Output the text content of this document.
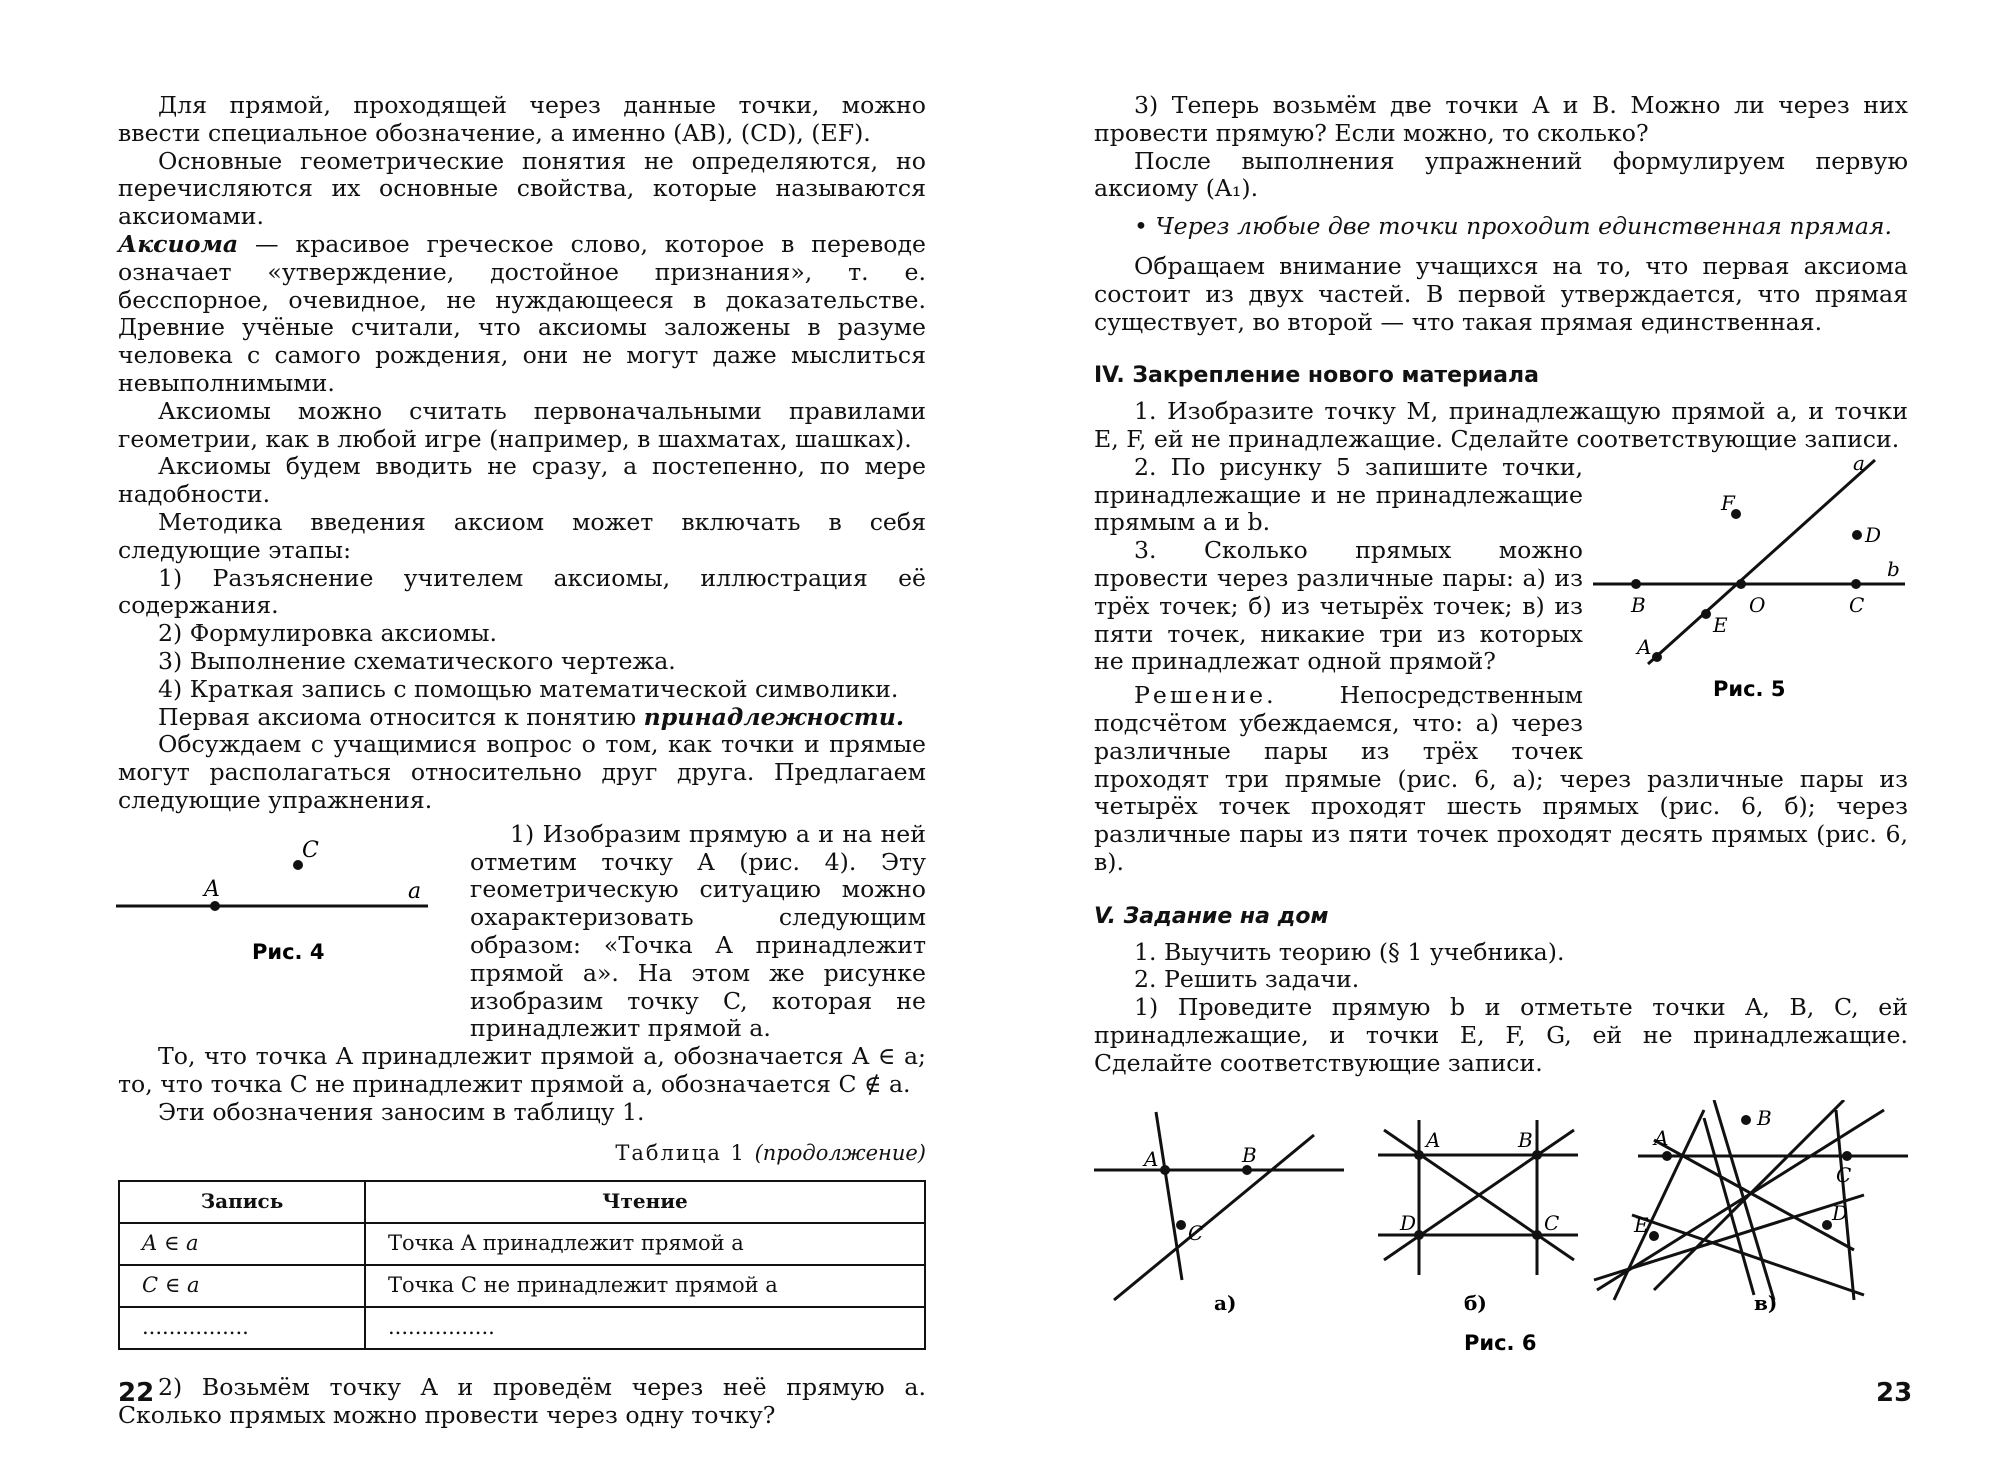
Для прямой, проходящей через данные точки, можно ввести специальное обозначение, а именно (AB), (CD), (EF).

Основные геометрические понятия не определяются, но перечисляются их основные свойства, которые называются аксиомами.

Аксиома — красивое греческое слово, которое в переводе означает «утверждение, достойное признания», т. е. бесспорное, очевидное, не нуждающееся в доказательстве. Древние учёные считали, что аксиомы заложены в разуме человека с самого рождения, они не могут даже мыслиться невыполнимыми.

Аксиомы можно считать первоначальными правилами геометрии, как в любой игре (например, в шахматах, шашках).

Аксиомы будем вводить не сразу, а постепенно, по мере надобности.

Методика введения аксиом может включать в себя следующие этапы:

1) Разъяснение учителем аксиомы, иллюстрация её содержания.

2) Формулировка аксиомы.

3) Выполнение схематического чертежа.

4) Краткая запись с помощью математической символики.

Первая аксиома относится к понятию принадлежности.

Обсуждаем с учащимися вопрос о том, как точки и прямые могут располагаться относительно друг друга. Предлагаем следующие упражнения.

A
C
a
Рис. 4

1) Изобразим прямую a и на ней отметим точку A (рис. 4). Эту геометрическую ситуацию можно охарактеризовать следующим образом: «Точка A принадлежит прямой a». На этом же рисунке изобразим точку C, которая не принадлежит прямой a.

То, что точка A принадлежит прямой a, обозначается A ∈ a; то, что точка C не принадлежит прямой a, обозначается C ∉ a.

Эти обозначения заносим в таблицу 1.

Таблица 1 (продолжение)
Запись	Чтение
A ∈ a	Точка A принадлежит прямой a
C ∈ a	Точка C не принадлежит прямой a
................	................

2) Возьмём точку A и проведём через неё прямую a. Сколько прямых можно провести через одну точку?

22

3) Теперь возьмём две точки A и B. Можно ли через них провести прямую? Если можно, то сколько?

После выполнения упражнений формулируем первую аксиому (A₁).

• Через любые две точки проходит единственная прямая.

Обращаем внимание учащихся на то, что первая аксиома состоит из двух частей. В первой утверждается, что прямая существует, во второй — что такая прямая единственная.

IV. Закрепление нового материала

1. Изобразите точку M, принадлежащую прямой a, и точки E, F, ей не принадлежащие. Сделайте соответствующие записи.

a
b
F
D
B	O	C
E
A
Рис. 5

2. По рисунку 5 запишите точки, принадлежащие и не принадлежащие прямым a и b.

3. Сколько прямых можно провести через различные пары: а) из трёх точек; б) из четырёх точек; в) из пяти точек, никакие три из которых не принадлежат одной прямой?

Решение. Непосредственным подсчётом убеждаемся, что: а) через различные пары из трёх точек проходят три прямые (рис. 6, а); через различные пары из четырёх точек проходят шесть прямых (рис. 6, б); через различные пары из пяти точек проходят десять прямых (рис. 6, в).

V. Задание на дом

1. Выучить теорию (§ 1 учебника).

2. Решить задачи.

1) Проведите прямую b и отметьте точки A, B, C, ей принадлежащие, и точки E, F, G, ей не принадлежащие. Сделайте соответствующие записи.

A	B
C
а)
A	B
D	C
б)
A
B
C
D
E
в)
Рис. 6
23
